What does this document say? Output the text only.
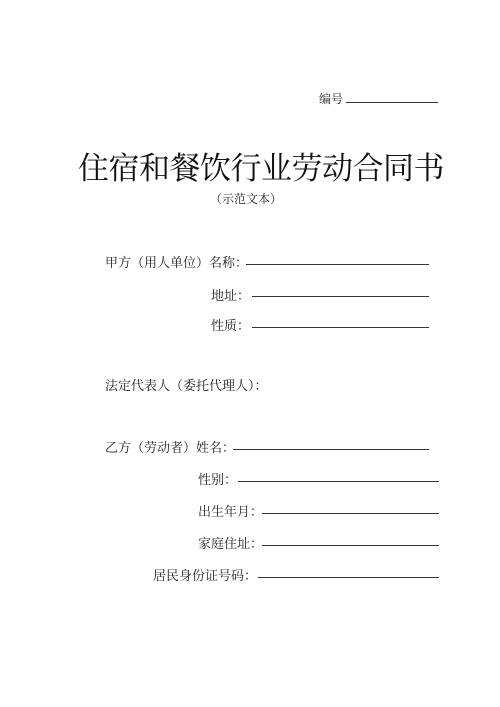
编号
住宿和餐饮行业劳动合同书
（示范文本）
甲方（用人单位）名称：
地址：
性质：
法定代表人（委托代理人）：
乙方（劳动者）姓名：
性别：
出生年月：
家庭住址：
居民身份证号码：
